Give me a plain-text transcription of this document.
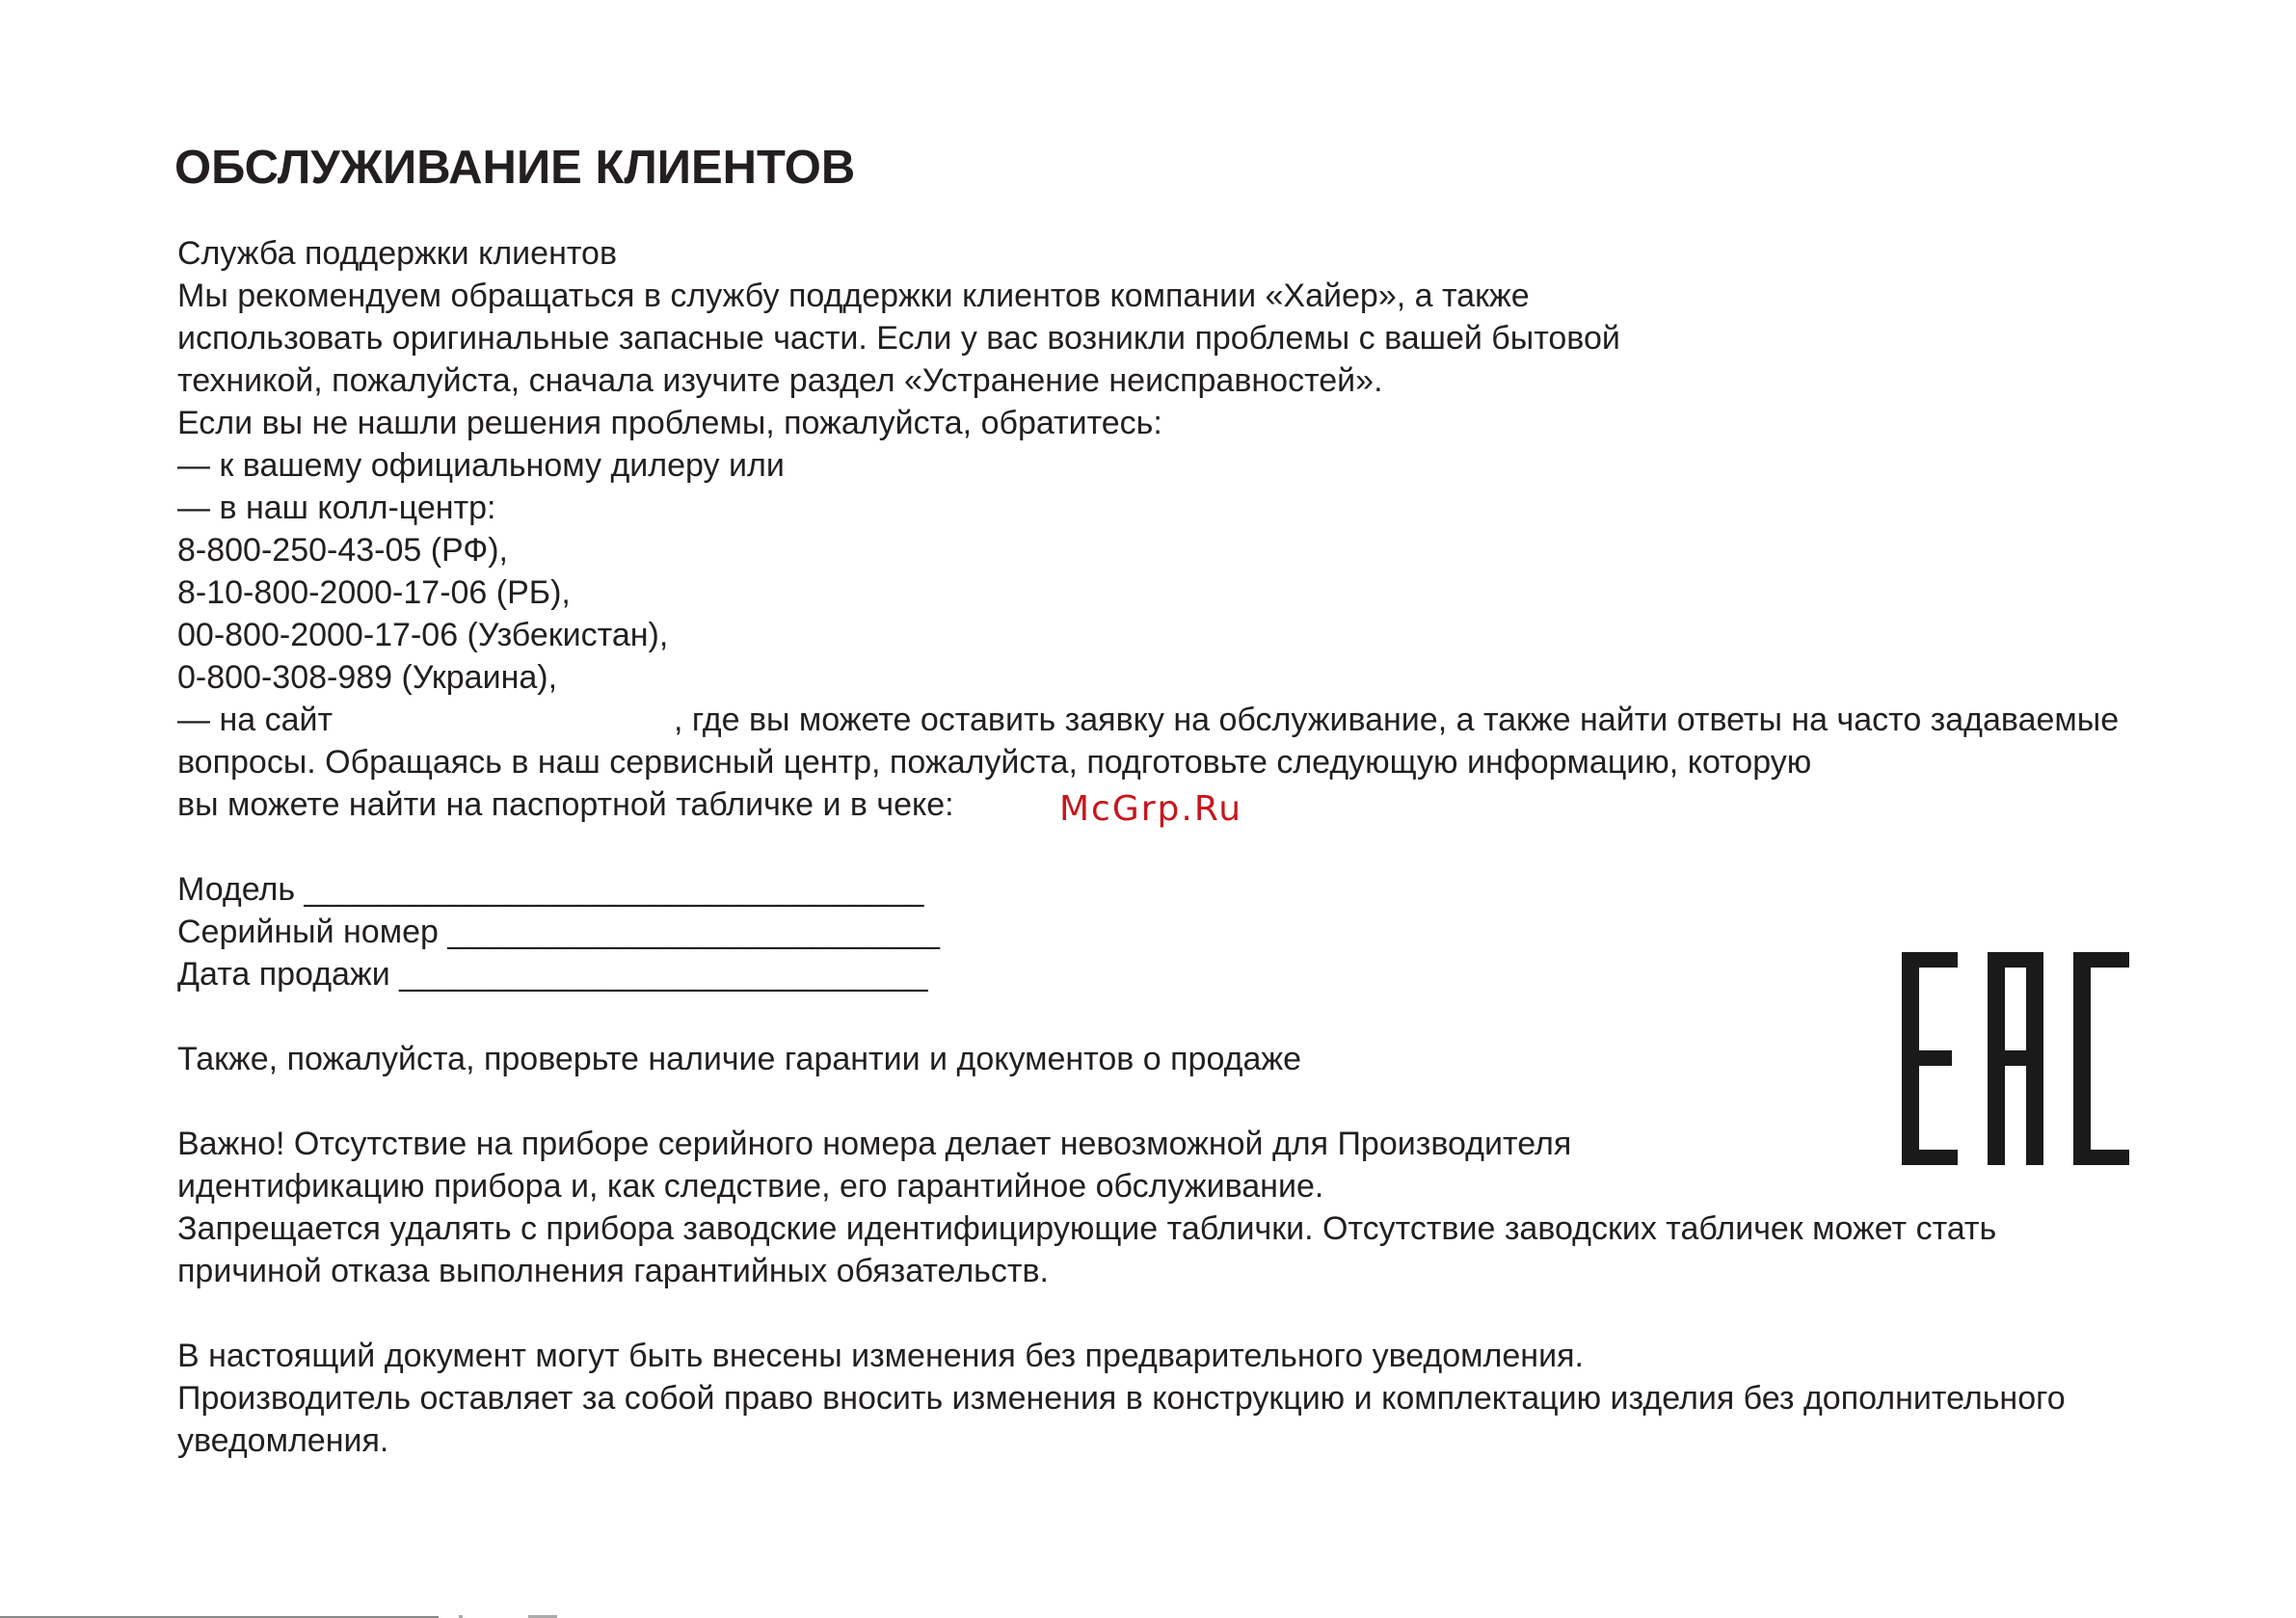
ОБСЛУЖИВАНИЕ КЛИЕНТОВ
Служба поддержки клиентов
Мы рекомендуем обращаться в службу поддержки клиентов компании «Хайер», а также
использовать оригинальные запасные части. Если у вас возникли проблемы с вашей бытовой
техникой, пожалуйста, сначала изучите раздел «Устранение неисправностей».
Если вы не нашли решения проблемы, пожалуйста, обратитесь:
— к вашему официальному дилеру или
— в наш колл-центр:
8-800-250-43-05 (РФ),
8-10-800-2000-17-06 (РБ),
00-800-2000-17-06 (Узбекистан),
0-800-308-989 (Украина),
— на сайт	, где вы можете оставить заявку на обслуживание, а также найти ответы на часто задаваемые
вопросы. Обращаясь в наш сервисный центр, пожалуйста, подготовьте следующую информацию, которую
вы можете найти на паспортной табличке и в чеке:	McGrp.Ru
Модель __________________________________
Серийный номер ___________________________
Дата продажи _____________________________
Также, пожалуйста, проверьте наличие гарантии и документов о продаже
Важно! Отсутствие на приборе серийного номера делает невозможной для Производителя
идентификацию прибора и, как следствие, его гарантийное обслуживание.
Запрещается удалять с прибора заводские идентифицирующие таблички. Отсутствие заводских табличек может стать
причиной отказа выполнения гарантийных обязательств.
В настоящий документ могут быть внесены изменения без предварительного уведомления.
Производитель оставляет за собой право вносить изменения в конструкцию и комплектацию изделия без дополнительного
уведомления.
